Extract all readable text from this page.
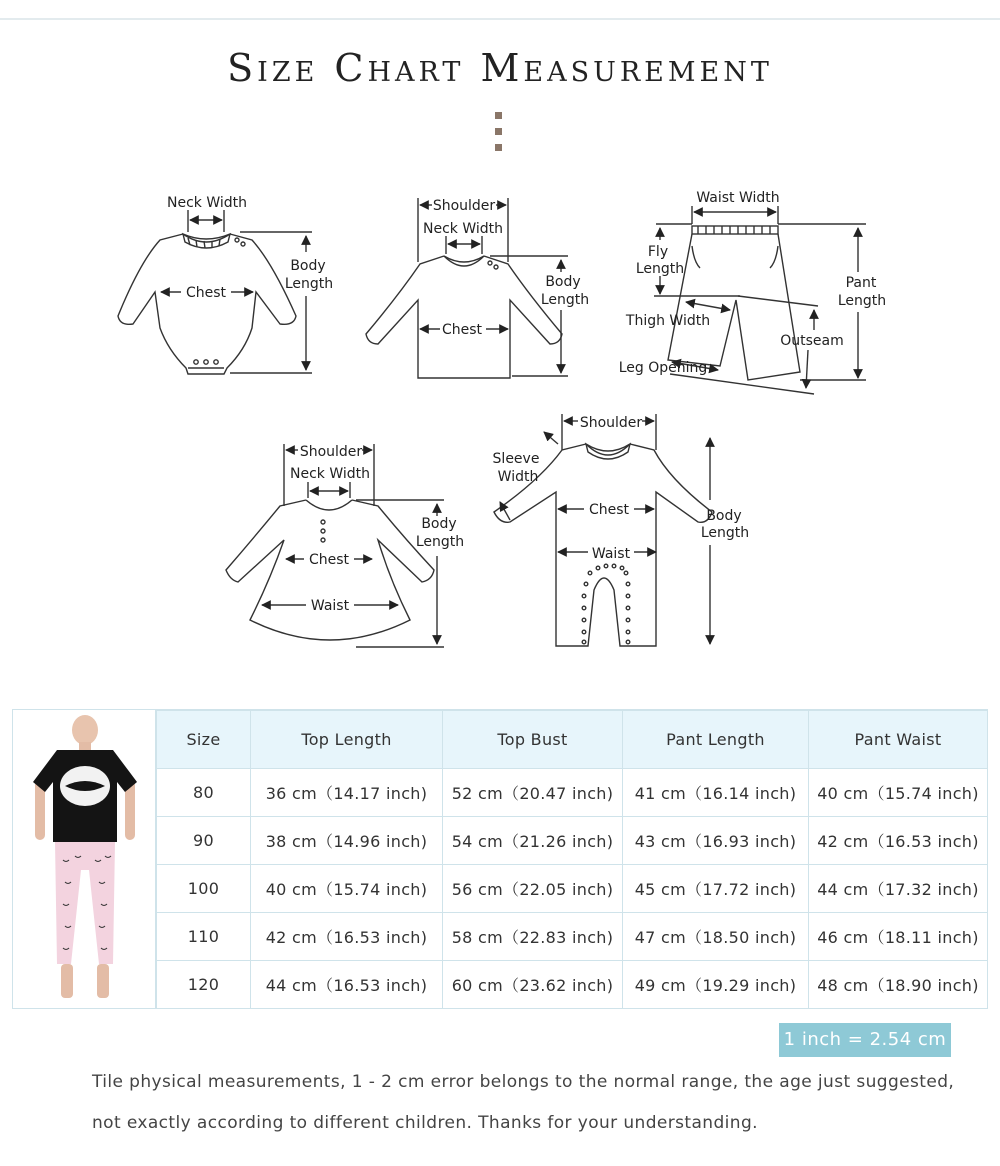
Size Chart Measurement
Neck Width
Chest
Body
Length
Shoulder
Neck Width
Chest
Body
Length
Waist Width
Fly
Length
Pant
Length
Thigh Width
Outseam
Leg Opening
Shoulder
Neck Width
Chest
Waist
Body
Length
Shoulder
Sleeve
Width
Chest
Waist
Body
Length
Size	Top Length	Top Bust	Pant Length	Pant Waist
80	36 cm（14.17 inch)	52 cm（20.47 inch)	41 cm（16.14 inch)	40 cm（15.74 inch)
90	38 cm（14.96 inch)	54 cm（21.26 inch)	43 cm（16.93 inch)	42 cm（16.53 inch)
100	40 cm（15.74 inch)	56 cm（22.05 inch)	45 cm（17.72 inch)	44 cm（17.32 inch)
110	42 cm（16.53 inch)	58 cm（22.83 inch)	47 cm（18.50 inch)	46 cm（18.11 inch)
120	44 cm（16.53 inch)	60 cm（23.62 inch)	49 cm（19.29 inch)	48 cm（18.90 inch)
1 inch = 2.54 cm

Tile physical measurements, 1 - 2 cm error belongs to the normal range, the age just suggested,

not exactly according to different children. Thanks for your understanding.
